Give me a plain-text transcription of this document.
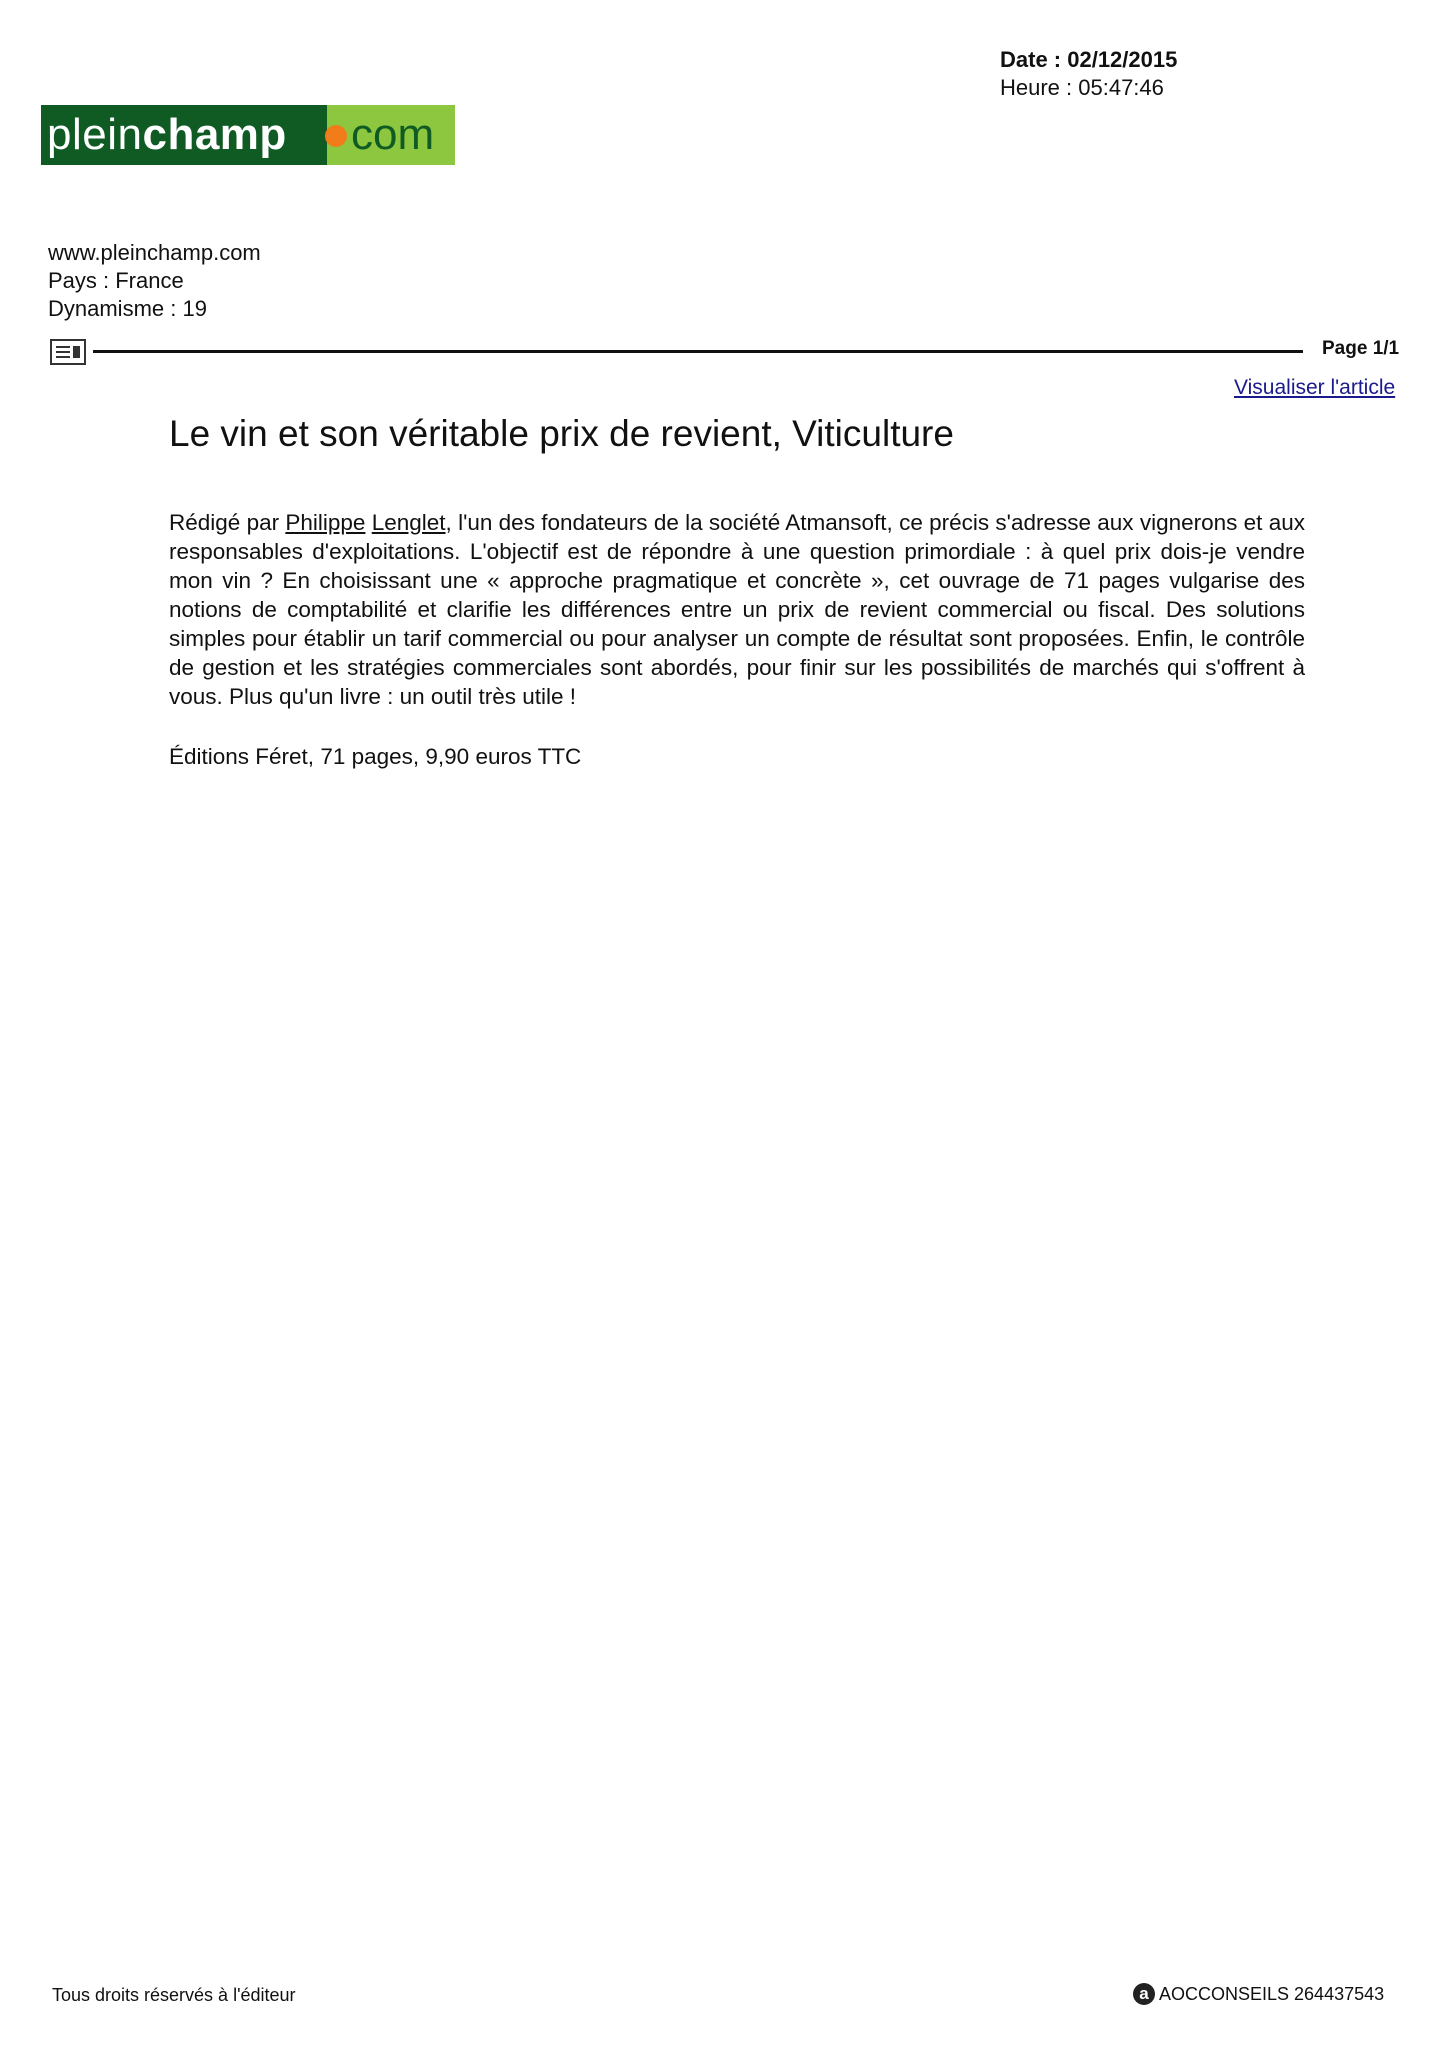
Date : 02/12/2015
Heure : 05:47:46
pleinchamp	com
www.pleinchamp.com
Pays : France
Dynamisme : 19
Page 1/1
Visualiser l'article
Le vin et son véritable prix de revient, Viticulture

Rédigé par Philippe Lenglet, l'un des fondateurs de la société Atmansoft, ce précis s'adresse aux vignerons et aux responsables d'exploitations. L'objectif est de répondre à une question primordiale : à quel prix dois-je vendre mon vin ? En choisissant une « approche pragmatique et concrète », cet ouvrage de 71 pages vulgarise des notions de comptabilité et clarifie les différences entre un prix de revient commercial ou fiscal. Des solutions simples pour établir un tarif commercial ou pour analyser un compte de résultat sont proposées. Enfin, le contrôle de gestion et les stratégies commerciales sont abordés, pour finir sur les possibilités de marchés qui s'offrent à vous. Plus qu'un livre : un outil très utile !

Éditions Féret, 71 pages, 9,90 euros TTC
Tous droits réservés à l'éditeur	a AOCCONSEILS 264437543
